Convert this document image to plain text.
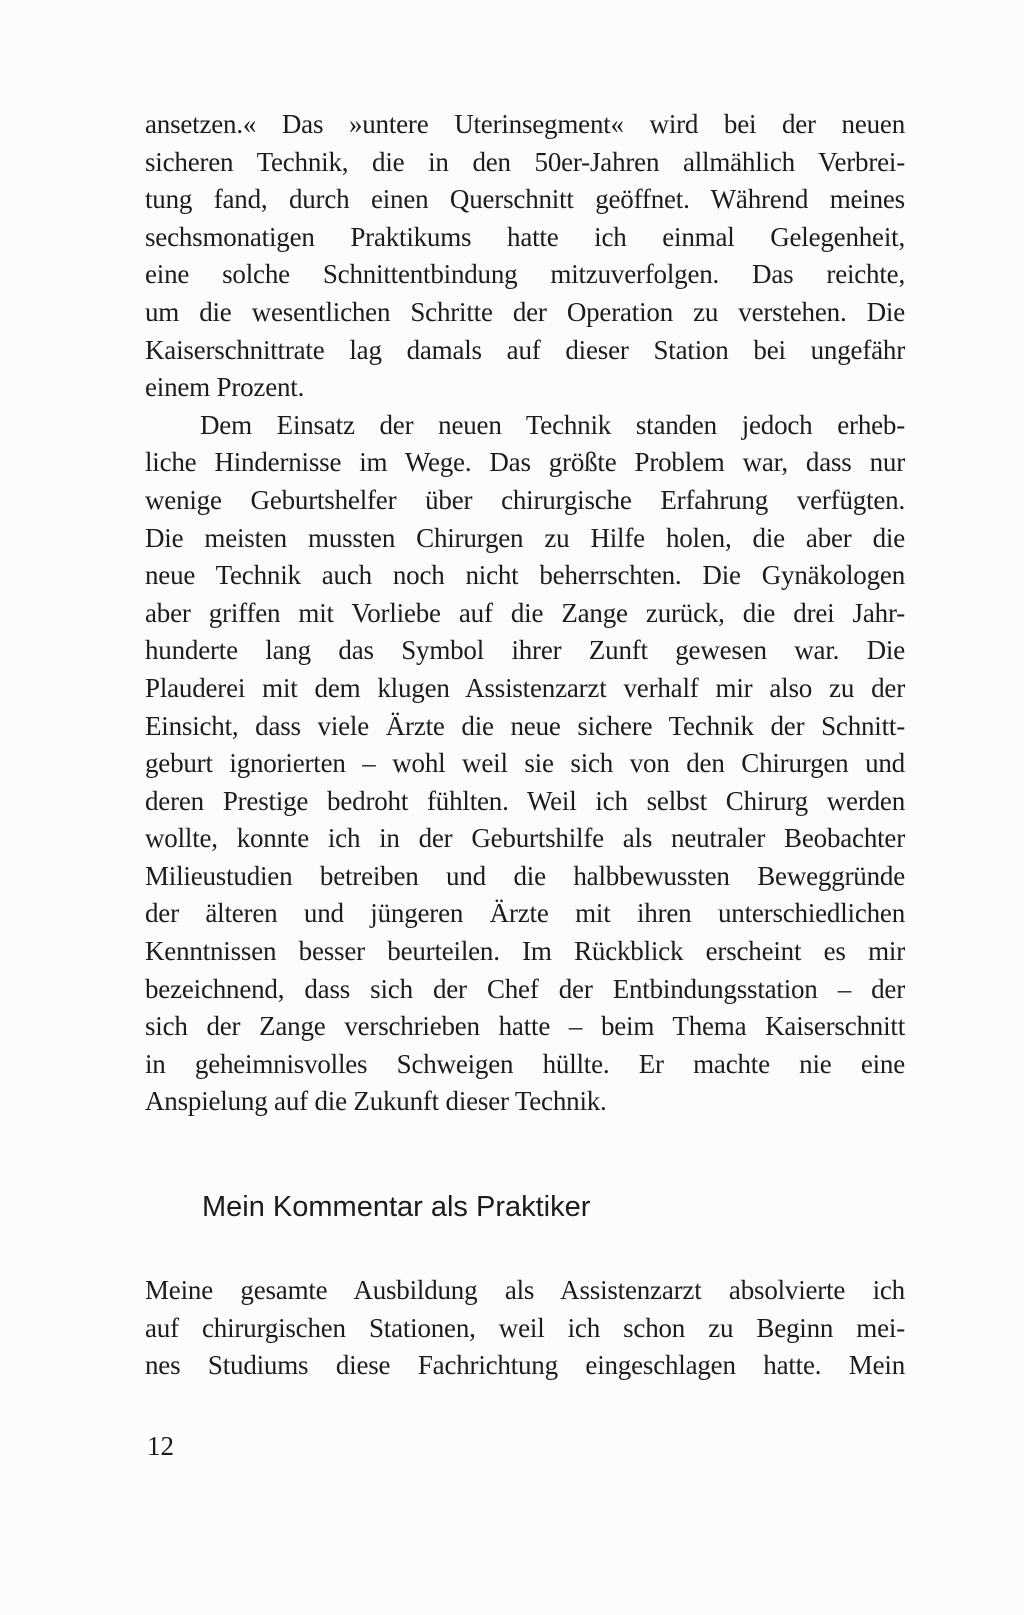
ansetzen.« Das »untere Uterinsegment« wird bei der neuen
sicheren Technik, die in den 50er-Jahren allmählich Verbrei-
tung fand, durch einen Querschnitt geöffnet. Während meines
sechsmonatigen Praktikums hatte ich einmal Gelegenheit,
eine solche Schnittentbindung mitzuverfolgen. Das reichte,
um die wesentlichen Schritte der Operation zu verstehen. Die
Kaiserschnittrate lag damals auf dieser Station bei ungefähr
einem Prozent.
Dem Einsatz der neuen Technik standen jedoch erheb-
liche Hindernisse im Wege. Das größte Problem war, dass nur
wenige Geburtshelfer über chirurgische Erfahrung verfügten.
Die meisten mussten Chirurgen zu Hilfe holen, die aber die
neue Technik auch noch nicht beherrschten. Die Gynäkologen
aber griffen mit Vorliebe auf die Zange zurück, die drei Jahr-
hunderte lang das Symbol ihrer Zunft gewesen war. Die
Plauderei mit dem klugen Assistenzarzt verhalf mir also zu der
Einsicht, dass viele Ärzte die neue sichere Technik der Schnitt-
geburt ignorierten – wohl weil sie sich von den Chirurgen und
deren Prestige bedroht fühlten. Weil ich selbst Chirurg werden
wollte, konnte ich in der Geburtshilfe als neutraler Beobachter
Milieustudien betreiben und die halbbewussten Beweggründe
der älteren und jüngeren Ärzte mit ihren unterschiedlichen
Kenntnissen besser beurteilen. Im Rückblick erscheint es mir
bezeichnend, dass sich der Chef der Entbindungsstation – der
sich der Zange verschrieben hatte – beim Thema Kaiserschnitt
in geheimnisvolles Schweigen hüllte. Er machte nie eine
Anspielung auf die Zukunft dieser Technik.
Mein Kommentar als Praktiker
Meine gesamte Ausbildung als Assistenzarzt absolvierte ich
auf chirurgischen Stationen, weil ich schon zu Beginn mei-
nes Studiums diese Fachrichtung eingeschlagen hatte. Mein
12
